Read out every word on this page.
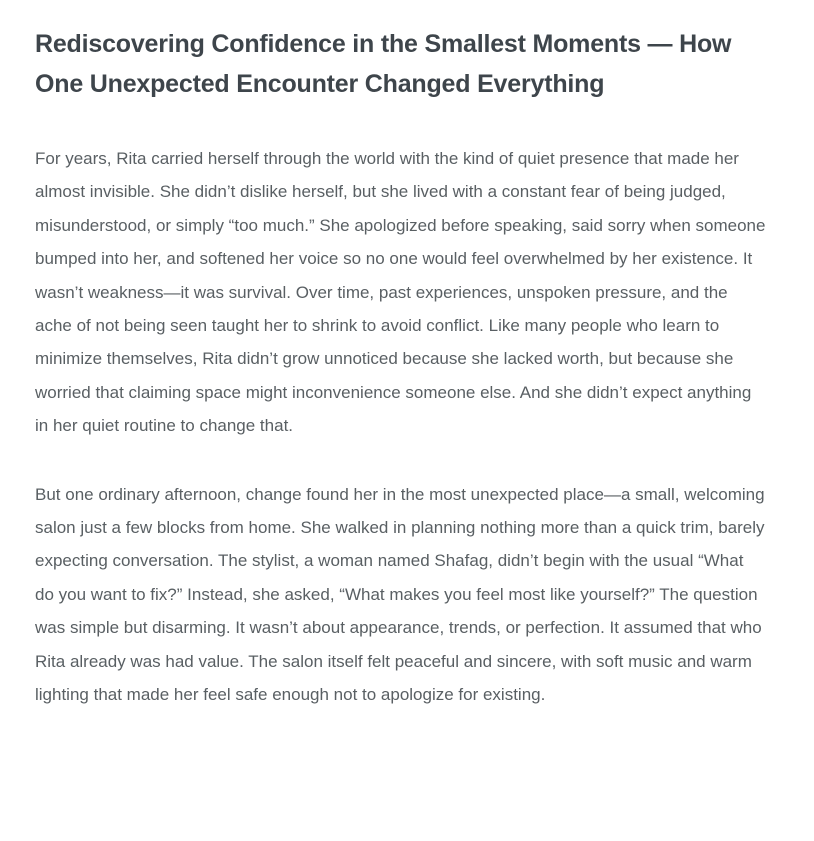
Rediscovering Confidence in the Smallest Moments — How One Unexpected Encounter Changed Everything

For years, Rita carried herself through the world with the kind of quiet presence that made her almost invisible. She didn’t dislike herself, but she lived with a constant fear of being judged, misunderstood, or simply “too much.” She apologized before speaking, said sorry when someone bumped into her, and softened her voice so no one would feel overwhelmed by her existence. It wasn’t weakness—it was survival. Over time, past experiences, unspoken pressure, and the ache of not being seen taught her to shrink to avoid conflict. Like many people who learn to minimize themselves, Rita didn’t grow unnoticed because she lacked worth, but because she worried that claiming space might inconvenience someone else. And she didn’t expect anything in her quiet routine to change that.

But one ordinary afternoon, change found her in the most unexpected place—a small, welcoming salon just a few blocks from home. She walked in planning nothing more than a quick trim, barely expecting conversation. The stylist, a woman named Shafag, didn’t begin with the usual “What do you want to fix?” Instead, she asked, “What makes you feel most like yourself?” The question was simple but disarming. It wasn’t about appearance, trends, or perfection. It assumed that who Rita already was had value. The salon itself felt peaceful and sincere, with soft music and warm lighting that made her feel safe enough not to apologize for existing.
